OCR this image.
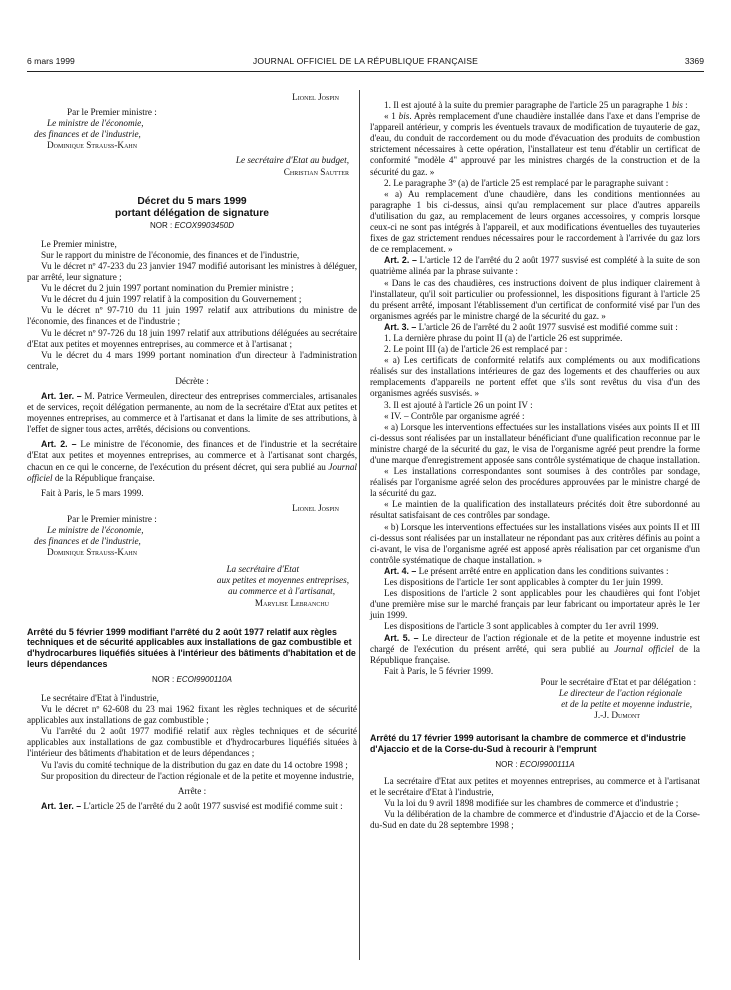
6 mars 1999	JOURNAL OFFICIEL DE LA RÉPUBLIQUE FRANÇAISE	3369

Lionel Jospin

Par le Premier ministre :

Le ministre de l'économie,

des finances et de l'industrie,

Dominique Strauss-Kahn

Le secrétaire d'Etat au budget,

Christian Sautter

Décret du 5 mars 1999

portant délégation de signature

NOR : ECOX9903450D

Le Premier ministre,

Sur le rapport du ministre de l'économie, des finances et de l'industrie,

Vu le décret nº 47-233 du 23 janvier 1947 modifié autorisant les ministres à déléguer, par arrêté, leur signature ;

Vu le décret du 2 juin 1997 portant nomination du Premier ministre ;

Vu le décret du 4 juin 1997 relatif à la composition du Gouvernement ;

Vu le décret nº 97-710 du 11 juin 1997 relatif aux attributions du ministre de l'économie, des finances et de l'industrie ;

Vu le décret nº 97-726 du 18 juin 1997 relatif aux attributions déléguées au secrétaire d'Etat aux petites et moyennes entreprises, au commerce et à l'artisanat ;

Vu le décret du 4 mars 1999 portant nomination d'un directeur à l'administration centrale,

Décrète :

Art. 1er. – M. Patrice Vermeulen, directeur des entreprises commerciales, artisanales et de services, reçoit délégation permanente, au nom de la secrétaire d'Etat aux petites et moyennes entreprises, au commerce et à l'artisanat et dans la limite de ses attributions, à l'effet de signer tous actes, arrêtés, décisions ou conventions.

Art. 2. – Le ministre de l'économie, des finances et de l'industrie et la secrétaire d'Etat aux petites et moyennes entreprises, au commerce et à l'artisanat sont chargés, chacun en ce qui le concerne, de l'exécution du présent décret, qui sera publié au Journal officiel de la République française.

Fait à Paris, le 5 mars 1999.

Lionel Jospin

Par le Premier ministre :

Le ministre de l'économie,

des finances et de l'industrie,

Dominique Strauss-Kahn

La secrétaire d'Etat

aux petites et moyennes entreprises,

au commerce et à l'artisanat,

Marylise Lebranchu

Arrêté du 5 février 1999 modifiant l'arrêté du 2 août 1977 relatif aux règles techniques et de sécurité applicables aux installations de gaz combustible et d'hydrocarbures liquéfiés situées à l'intérieur des bâtiments d'habitation et de leurs dépendances

NOR : ECOI9900110A

Le secrétaire d'Etat à l'industrie,

Vu le décret nº 62-608 du 23 mai 1962 fixant les règles techniques et de sécurité applicables aux installations de gaz combustible ;

Vu l'arrêté du 2 août 1977 modifié relatif aux règles techniques et de sécurité applicables aux installations de gaz combustible et d'hydrocarbures liquéfiés situées à l'intérieur des bâtiments d'habitation et de leurs dépendances ;

Vu l'avis du comité technique de la distribution du gaz en date du 14 octobre 1998 ;

Sur proposition du directeur de l'action régionale et de la petite et moyenne industrie,

Arrête :

Art. 1er. – L'article 25 de l'arrêté du 2 août 1977 susvisé est modifié comme suit :

1. Il est ajouté à la suite du premier paragraphe de l'article 25 un paragraphe 1 bis :

« 1 bis. Après remplacement d'une chaudière installée dans l'axe et dans l'emprise de l'appareil antérieur, y compris les éventuels travaux de modification de tuyauterie de gaz, d'eau, du conduit de raccordement ou du mode d'évacuation des produits de combustion strictement nécessaires à cette opération, l'installateur est tenu d'établir un certificat de conformité "modèle 4" approuvé par les ministres chargés de la construction et de la sécurité du gaz. »

2. Le paragraphe 3º (a) de l'article 25 est remplacé par le paragraphe suivant :

« a) Au remplacement d'une chaudière, dans les conditions mentionnées au paragraphe 1 bis ci-dessus, ainsi qu'au remplacement sur place d'autres appareils d'utilisation du gaz, au remplacement de leurs organes accessoires, y compris lorsque ceux-ci ne sont pas intégrés à l'appareil, et aux modifications éventuelles des tuyauteries fixes de gaz strictement rendues nécessaires pour le raccordement à l'arrivée du gaz lors de ce remplacement. »

Art. 2. – L'article 12 de l'arrêté du 2 août 1977 susvisé est complété à la suite de son quatrième alinéa par la phrase suivante :

« Dans le cas des chaudières, ces instructions doivent de plus indiquer clairement à l'installateur, qu'il soit particulier ou professionnel, les dispositions figurant à l'article 25 du présent arrêté, imposant l'établissement d'un certificat de conformité visé par l'un des organismes agréés par le ministre chargé de la sécurité du gaz. »

Art. 3. – L'article 26 de l'arrêté du 2 août 1977 susvisé est modifié comme suit :

1. La dernière phrase du point II (a) de l'article 26 est supprimée.

2. Le point III (a) de l'article 26 est remplacé par :

« a) Les certificats de conformité relatifs aux compléments ou aux modifications réalisés sur des installations intérieures de gaz des logements et des chaufferies ou aux remplacements d'appareils ne portent effet que s'ils sont revêtus du visa d'un des organismes agréés susvisés. »

3. Il est ajouté à l'article 26 un point IV :

« IV. – Contrôle par organisme agréé :

« a) Lorsque les interventions effectuées sur les installations visées aux points II et III ci-dessus sont réalisées par un installateur bénéficiant d'une qualification reconnue par le ministre chargé de la sécurité du gaz, le visa de l'organisme agréé peut prendre la forme d'une marque d'enregistrement apposée sans contrôle systématique de chaque installation.

« Les installations correspondantes sont soumises à des contrôles par sondage, réalisés par l'organisme agréé selon des procédures approuvées par le ministre chargé de la sécurité du gaz.

« Le maintien de la qualification des installateurs précités doit être subordonné au résultat satisfaisant de ces contrôles par sondage.

« b) Lorsque les interventions effectuées sur les installations visées aux points II et III ci-dessus sont réalisées par un installateur ne répondant pas aux critères définis au point a ci-avant, le visa de l'organisme agréé est apposé après réalisation par cet organisme d'un contrôle systématique de chaque installation. »

Art. 4. – Le présent arrêté entre en application dans les conditions suivantes :

Les dispositions de l'article 1er sont applicables à compter du 1er juin 1999.

Les dispositions de l'article 2 sont applicables pour les chaudières qui font l'objet d'une première mise sur le marché français par leur fabricant ou importateur après le 1er juin 1999.

Les dispositions de l'article 3 sont applicables à compter du 1er avril 1999.

Art. 5. – Le directeur de l'action régionale et de la petite et moyenne industrie est chargé de l'exécution du présent arrêté, qui sera publié au Journal officiel de la République française.

Fait à Paris, le 5 février 1999.

Pour le secrétaire d'Etat et par délégation :

Le directeur de l'action régionale

et de la petite et moyenne industrie,

J.-J. Dumont

Arrêté du 17 février 1999 autorisant la chambre de commerce et d'industrie d'Ajaccio et de la Corse-du-Sud à recourir à l'emprunt

NOR : ECOI9900111A

La secrétaire d'Etat aux petites et moyennes entreprises, au commerce et à l'artisanat et le secrétaire d'Etat à l'industrie,

Vu la loi du 9 avril 1898 modifiée sur les chambres de commerce et d'industrie ;

Vu la délibération de la chambre de commerce et d'industrie d'Ajaccio et de la Corse-du-Sud en date du 28 septembre 1998 ;
